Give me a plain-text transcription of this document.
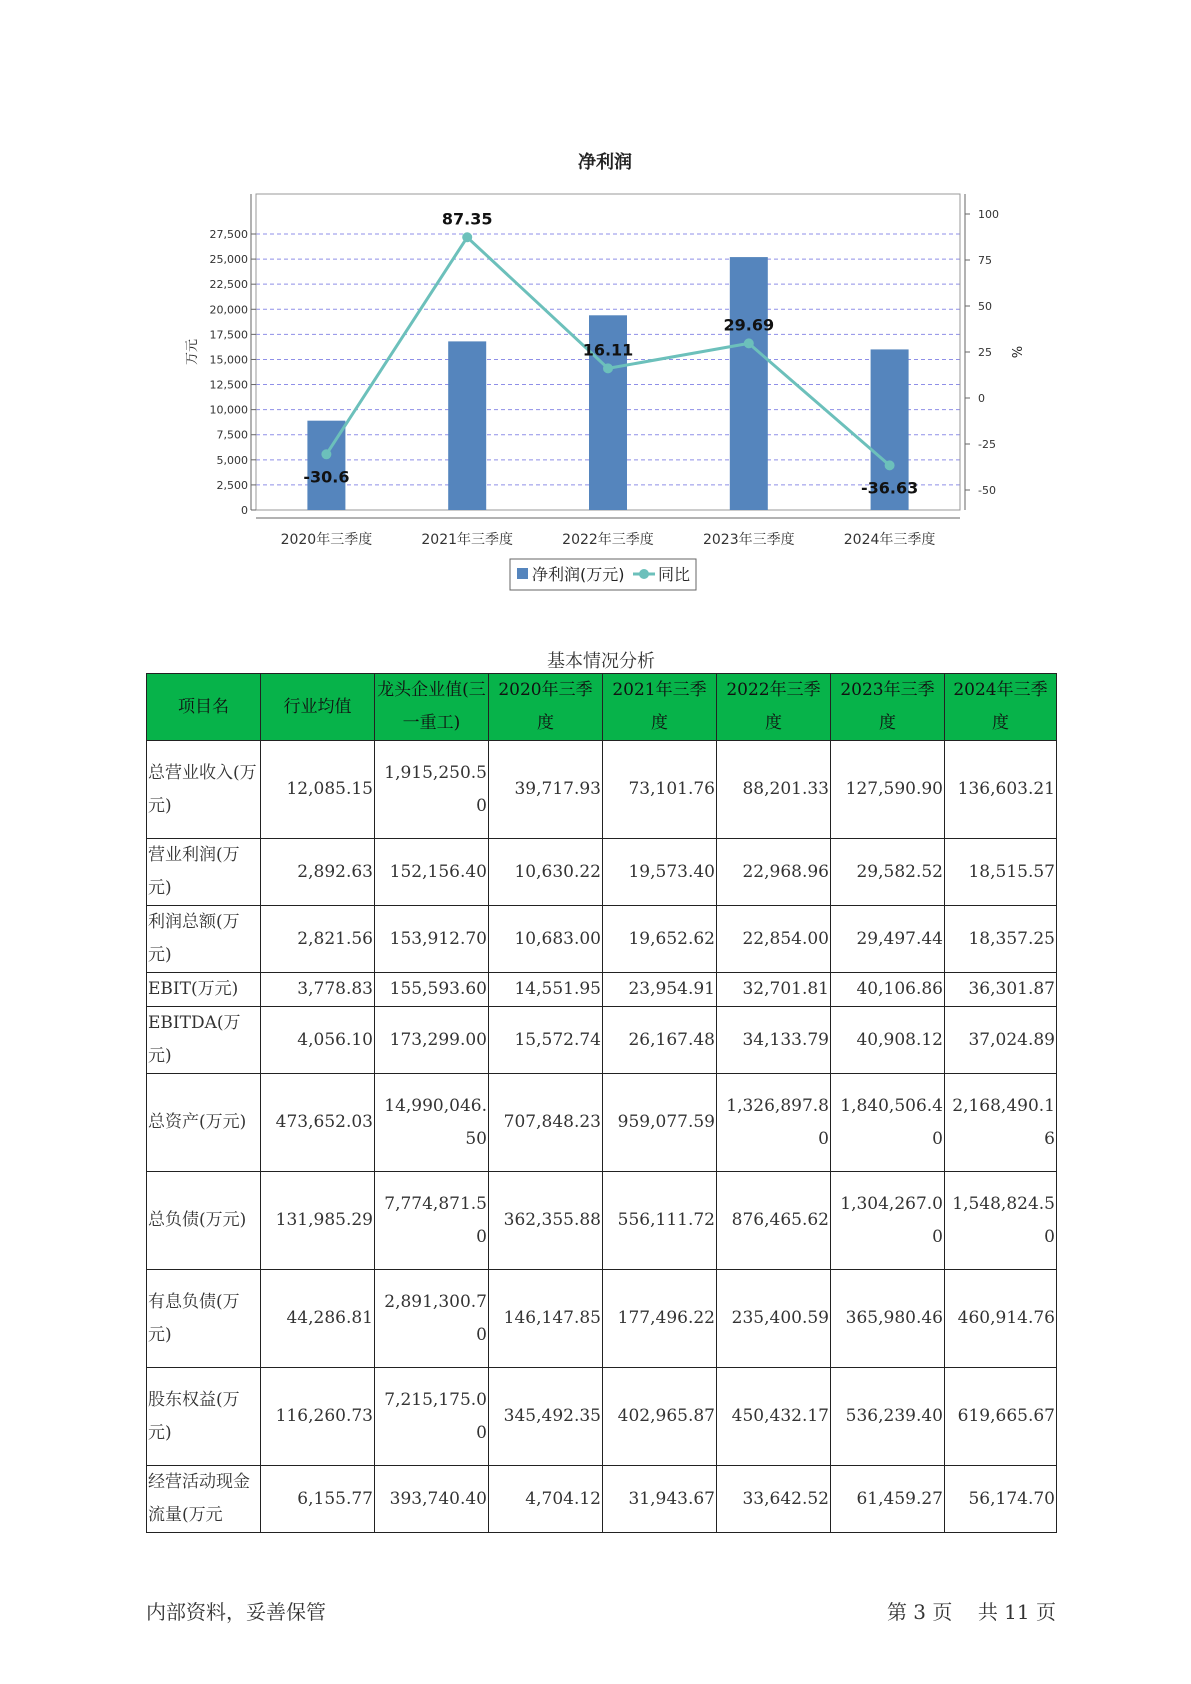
净利润
-30.6
87.35
16.11
29.69
-36.63
0
2,500
5,000
7,500
10,000
12,500
15,000
17,500
20,000
22,500
25,000
27,500
-50
-25
0
25
50
75
100
2020年三季度	2021年三季度	2022年三季度	2023年三季度	2024年三季度
万元	%
净利润(万元) 同比
基本情况分析
项目名	行业均值	龙头企业值(三一重工)	2020年三季度	2021年三季度	2022年三季度	2023年三季度	2024年三季度
总营业收入(万元)	12,085.15	1,915,250.50	39,717.93	73,101.76	88,201.33	127,590.90	136,603.21
营业利润(万元)	2,892.63	152,156.40	10,630.22	19,573.40	22,968.96	29,582.52	18,515.57
利润总额(万元)	2,821.56	153,912.70	10,683.00	19,652.62	22,854.00	29,497.44	18,357.25
EBIT(万元)	3,778.83	155,593.60	14,551.95	23,954.91	32,701.81	40,106.86	36,301.87
EBITDA(万元)	4,056.10	173,299.00	15,572.74	26,167.48	34,133.79	40,908.12	37,024.89
总资产(万元)	473,652.03	14,990,046.50	707,848.23	959,077.59	1,326,897.80	1,840,506.40	2,168,490.16
总负债(万元)	131,985.29	7,774,871.50	362,355.88	556,111.72	876,465.62	1,304,267.00	1,548,824.50
有息负债(万元)	44,286.81	2,891,300.70	146,147.85	177,496.22	235,400.59	365,980.46	460,914.76
股东权益(万元)	116,260.73	7,215,175.00	345,492.35	402,965.87	450,432.17	536,239.40	619,665.67
经营活动现金流量(万元	6,155.77	393,740.40	4,704.12	31,943.67	33,642.52	61,459.27	56,174.70
内部资料，妥善保管	第 3 页 共 11 页
